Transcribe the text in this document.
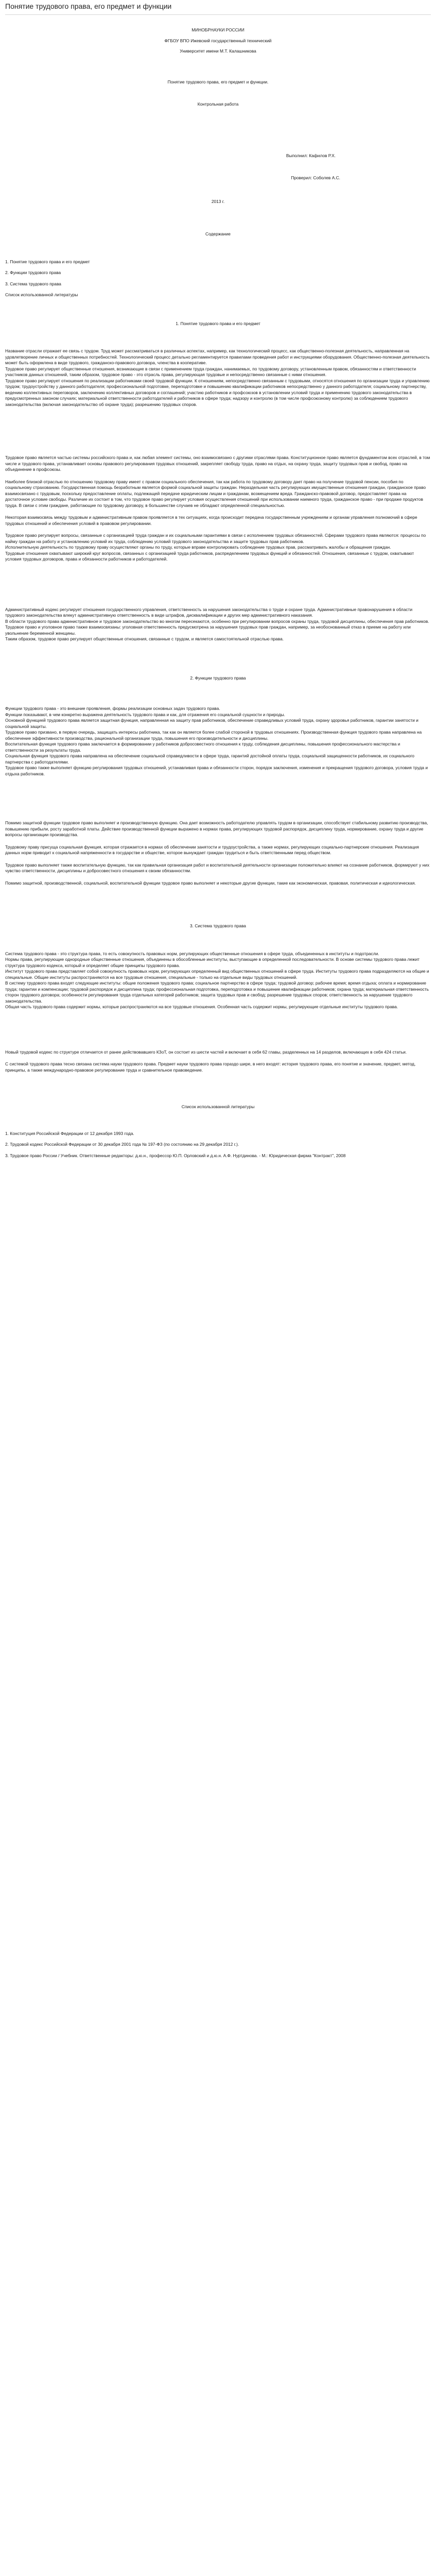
Понятие трудового права, его предмет и функции

МИНОБРНАУКИ РОССИИ

ФГБОУ ВПО Ижевский государственный технический

Университет имени М.Т. Калашникова

Понятие трудового права, его предмет и функции.

Контрольная работа

Выполнил: Кафилов Р.Х.

Проверил: Соболев А.С.

2013 г.

Содержание

1. Понятие трудового права и его предмет
2. Функции трудового права
3. Система трудового права
Список использованной литературы

1. Понятие трудового права и его предмет

Название отрасли отражает ее связь с трудом. Труд может рассматриваться в различных аспектах, например, как технологический процесс, как общественно-полезная деятельность, направленная на удовлетворение личных и общественных потребностей. Технологический процесс детально регламентируется правилами проведения работ и инструкциями оборудования. Общественно-полезная деятельность может быть оформлена в виде трудового, гражданско-правового договора, членства в кооперативе.

Трудовое право регулирует общественные отношения, возникающие в связи с применением труда граждан, нанимаемых, по трудовому договору, установленным правом, обязанностям и ответственности участников данных отношений, таким образом, трудовое право - это отрасль права, регулирующая трудовые и непосредственно связанные с ними отношения.

Трудовое право регулирует отношения по реализации работниками своей трудовой функции. К отношениям, непосредственно связанным с трудовыми, относятся отношения по организации труда и управлению трудом; трудоустройству у данного работодателя; профессиональной подготовке, переподготовке и повышению квалификации работников непосредственно у данного работодателя; социальному партнерству, ведению коллективных переговоров, заключению коллективных договоров и соглашений; участию работников и профсоюзов в установлении условий труда и применению трудового законодательства в предусмотренных законом случаях; материальной ответственности работодателей и работников в сфере труда; надзору и контролю (в том числе профсоюзному контролю) за соблюдением трудового законодательства (включая законодательство об охране труда); разрешению трудовых споров.

Трудовое право является частью системы российского права и, как любая элемент системы, оно взаимосвязано с другими отраслями права. Конституционное право является фундаментом всех отраслей, в том числе и трудового права, устанавливает основы правового регулирования трудовых отношений, закрепляет свободу труда, право на отдых, на охрану труда, защиту трудовых прав и свобод, право на объединение в профсоюзы.

Наиболее близкой отраслью по отношению трудовому праву имеет с правом социального обеспечения, так как работа по трудовому договору дает право на получение трудовой пенсии, пособия по социальному страхованию. Государственная помощь безработным является формой социальной защиты граждан. Нераздельная часть регулирующих имущественные отношения граждан, гражданское право взаимосвязано с трудовым, поскольку предоставление оплаты, подлежащей передаче юридическим лицам и гражданам, возмещением вреда. Гражданско-правовой договор, предоставляет права на достаточное условие свободы. Различие их состоит в том, что трудовое право регулирует условия осуществления отношений при использовании наемного труда, гражданское право - при продаже продуктов труда. В связи с этим граждане, работающие по трудовому договору, в большинстве случаев не обладают определенной специальностью.

Некоторая взаимосвязь между трудовым и административным правом проявляется в тех ситуациях, когда происходит передача государственным учреждениям и органам управления полномочий в сфере трудовых отношений и обеспечения условий в правовом регулировании.

Трудовое право регулирует вопросы, связанные с организацией труда граждан и их социальными гарантиями в связи с исполнением трудовых обязанностей. Сферами трудового права являются: процессы по найму граждан на работу и установлению условий их труда, соблюдению условий трудового законодательства и защите трудовых прав работников.

Исполнительную деятельность по трудовому праву осуществляют органы по труду, которые вправе контролировать соблюдение трудовых прав, рассматривать жалобы и обращения граждан.

Трудовые отношения охватывают широкий круг вопросов, связанных с организацией труда работников, распределением трудовых функций и обязанностей. Отношения, связанные с трудом, охватывают условия трудовых договоров, права и обязанности работников и работодателей.

Административный кодекс регулирует отношения государственного управления, ответственность за нарушения законодательства о труде и охране труда. Административные правонарушения в области трудового законодательства влекут административную ответственность в виде штрафов, дисквалификации и других мер административного наказания.

В области трудового права административное и трудовое законодательство во многом пересекаются, особенно при регулировании вопросов охраны труда, трудовой дисциплины, обеспечения прав работников.

Трудовое право и уголовное право также взаимосвязаны: уголовная ответственность предусмотрена за нарушения трудовых прав граждан, например, за необоснованный отказ в приеме на работу или увольнение беременной женщины.

Таким образом, трудовое право регулирует общественные отношения, связанные с трудом, и является самостоятельной отраслью права.

2. Функции трудового права

Функции трудового права - это внешние проявления, формы реализации основных задач трудового права.

Функции показывают, в чем конкретно выражена деятельность трудового права и как, для отражения его социальной сущности и природы.

Основной функцией трудового права является защитная функция, направленная на защиту прав работников, обеспечение справедливых условий труда, охрану здоровья работников, гарантии занятости и социальной защиты.

Трудовое право призвано, в первую очередь, защищать интересы работника, так как он является более слабой стороной в трудовых отношениях. Производственная функция трудового права направлена на обеспечение эффективности производства, рациональной организации труда, повышения его производительности и дисциплины.

Воспитательная функция трудового права заключается в формировании у работников добросовестного отношения к труду, соблюдения дисциплины, повышения профессионального мастерства и ответственности за результаты труда.

Социальная функция трудового права направлена на обеспечение социальной справедливости в сфере труда, гарантий достойной оплаты труда, социальной защищенности работников, их социального партнерства с работодателями.

Трудовое право также выполняет функцию регулирования трудовых отношений, устанавливая права и обязанности сторон, порядок заключения, изменения и прекращения трудового договора, условия труда и отдыха работников.

Помимо защитной функции трудовое право выполняет и производственную функцию. Она дает возможность работодателю управлять трудом в организации, способствует стабильному развитию производства, повышению прибыли, росту заработной платы. Действие производственной функции выражено в нормах права, регулирующих трудовой распорядок, дисциплину труда, нормирование, охрану труда и другие вопросы организации производства.

Трудовому праву присуща социальная функция, которая отражается в нормах об обеспечении занятости и трудоустройства, а также нормах, регулирующих социально-партнерские отношения. Реализация данных норм приводит к социальной напряженности в государстве и обществе, которое вынуждает граждан трудиться и быть ответственными перед обществом.

Трудовое право выполняет также воспитательную функцию, так как правильная организация работ и воспитательной деятельности организации положительно влияют на сознание работников, формируют у них чувство ответственности, дисциплины и добросовестного отношения к своим обязанностям.

Помимо защитной, производственной, социальной, воспитательной функции трудовое право выполняет и некоторые другие функции, такие как экономическая, правовая, политическая и идеологическая.

3. Система трудового права

Система трудового права - это структура права, то есть совокупность правовых норм, регулирующих общественные отношения в сфере труда, объединенных в институты и подотрасли.

Нормы права, регулирующие однородные общественные отношения, объединены в обособленные институты, выступающие в определенной последовательности. В основе системы трудового права лежит структура трудового кодекса, который и определяет общие принципы трудового права.

Институт трудового права представляет собой совокупность правовых норм, регулирующих определенный вид общественных отношений в сфере труда. Институты трудового права подразделяются на общие и специальные. Общие институты распространяются на все трудовые отношения, специальные - только на отдельные виды трудовых отношений.

В систему трудового права входят следующие институты: общие положения трудового права; социальное партнерство в сфере труда; трудовой договор; рабочее время; время отдыха; оплата и нормирование труда; гарантии и компенсации; трудовой распорядок и дисциплина труда; профессиональная подготовка, переподготовка и повышение квалификации работников; охрана труда; материальная ответственность сторон трудового договора; особенности регулирования труда отдельных категорий работников; защита трудовых прав и свобод; разрешение трудовых споров; ответственность за нарушение трудового законодательства.

Общая часть трудового права содержит нормы, которые распространяются на все трудовые отношения. Особенная часть содержит нормы, регулирующие отдельные институты трудового права.

Новый трудовой кодекс по структуре отличается от ранее действовавшего КЗоТ, он состоит из шести частей и включает в себя 62 главы, разделенных на 14 разделов, включающих в себя 424 статьи.

С системой трудового права тесно связана система науки трудового права. Предмет науки трудового права гораздо шире, в него входят: история трудового права, его понятие и значение, предмет, метод, принципы, а также международно-правовое регулирование труда и сравнительное правоведение.

Список использованной литературы

1. Конституция Российской Федерации от 12 декабря 1993 года.
2. Трудовой кодекс Российской Федерации от 30 декабря 2001 года № 197-ФЗ (по состоянию на 29 декабря 2012 г.).
3. Трудовое право России / Учебник. Ответственные редакторы: д.ю.н., профессор Ю.П. Орловский и д.ю.н. А.Ф. Нуртдинова. - М.: Юридическая фирма "Контракт", 2008
